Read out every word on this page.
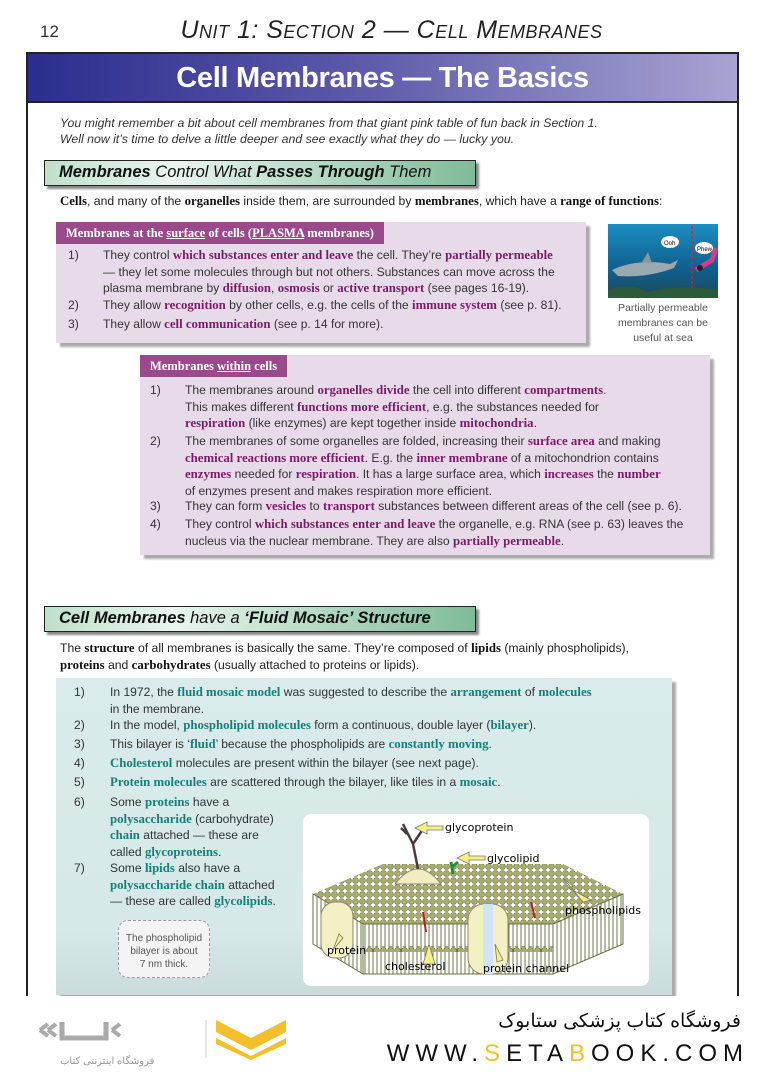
12	Unit 1: Section 2 — Cell Membranes
Cell Membranes — The Basics
You might remember a bit about cell membranes from that giant pink table of fun back in Section 1.
Well now it’s time to delve a little deeper and see exactly what they do — lucky you.
Membranes Control What Passes Through Them
Cells, and many of the organelles inside them, are surrounded by membranes, which have a range of functions:
Membranes at the surface of cells (PLASMA membranes)
1) They control which substances enter and leave the cell. They’re partially permeable
— they let some molecules through but not others. Substances can move across the
plasma membrane by diffusion, osmosis or active transport (see pages 16-19).
2) They allow recognition by other cells, e.g. the cells of the immune system (see p. 81).
3) They allow cell communication (see p. 14 for more).
Ooh
Phew
Partially permeable
membranes can be
useful at sea
Membranes within cells
1) The membranes around organelles divide the cell into different compartments.
This makes different functions more efficient, e.g. the substances needed for
respiration (like enzymes) are kept together inside mitochondria.
2) The membranes of some organelles are folded, increasing their surface area and making
chemical reactions more efficient. E.g. the inner membrane of a mitochondrion contains
enzymes needed for respiration. It has a large surface area, which increases the number
of enzymes present and makes respiration more efficient.
3) They can form vesicles to transport substances between different areas of the cell (see p. 6).
4) They control which substances enter and leave the organelle, e.g. RNA (see p. 63) leaves the
nucleus via the nuclear membrane. They are also partially permeable.
Cell Membranes have a ‘Fluid Mosaic’ Structure
The structure of all membranes is basically the same. They’re composed of lipids (mainly phospholipids),
proteins and carbohydrates (usually attached to proteins or lipids).
1) In 1972, the fluid mosaic model was suggested to describe the arrangement of molecules
in the membrane.
2) In the model, phospholipid molecules form a continuous, double layer (bilayer).
3) This bilayer is ‘fluid’ because the phospholipids are constantly moving.
4) Cholesterol molecules are present within the bilayer (see next page).
5) Protein molecules are scattered through the bilayer, like tiles in a mosaic.
6) Some proteins have a
polysaccharide (carbohydrate)
chain attached — these are
called glycoproteins.
7) Some lipids also have a
polysaccharide chain attached
— these are called glycolipids.
The phospholipid
bilayer is about
7 nm thick.
glycoprotein
glycolipid
phospholipids
protein
cholesterol	protein channel
فروشگاه اینترنتی کتاب
فروشگاه کتاب پزشکی ستابوک
WWW.SETABOOK.COM
